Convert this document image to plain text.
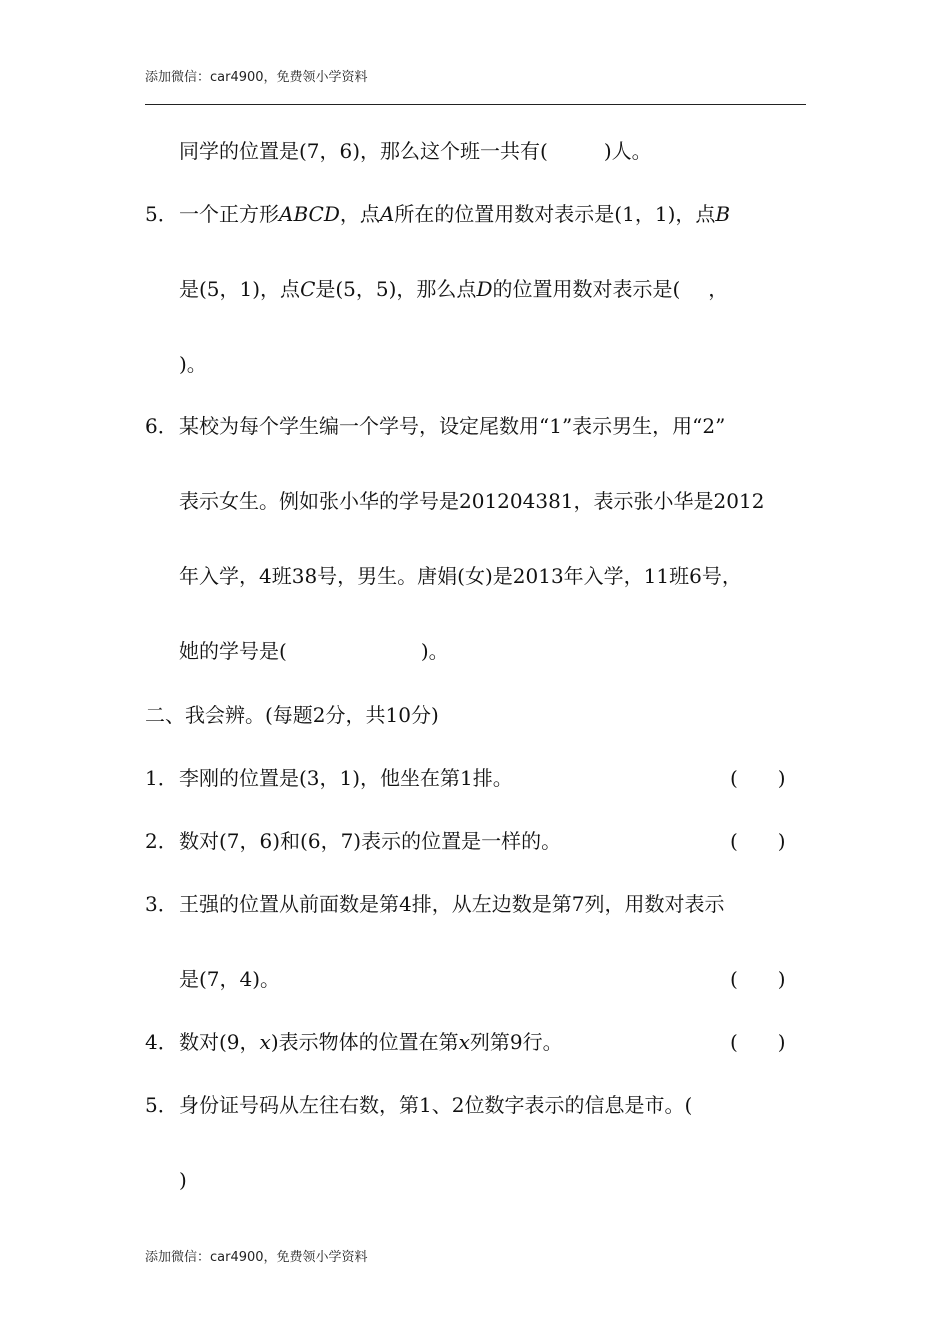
添加微信：car4900，免费领小学资料
同学的位置是(7，6)，那么这个班一共有(	)人。
5．一个正方形ABCD，点A所在的位置用数对表示是(1，1)，点B
是(5，1)，点C是(5，5)，那么点D的位置用数对表示是( ，
)。
6．某校为每个学生编一个学号，设定尾数用“1”表示男生，用“2”
表示女生。例如张小华的学号是201204381，表示张小华是2012
年入学，4班38号，男生。唐娟(女)是2013年入学，11班6号，
她的学号是(	)。
二、我会辨。(每题2分，共10分)
1．李刚的位置是(3，1)，他坐在第1排。	(　　)
2．数对(7，6)和(6，7)表示的位置是一样的。	(　　)
3．王强的位置从前面数是第4排，从左边数是第7列，用数对表示
是(7，4)。	(　　)
4．数对(9，x)表示物体的位置在第x列第9行。	(　　)
5．身份证号码从左往右数，第1、2位数字表示的信息是市。(
)
添加微信：car4900，免费领小学资料
